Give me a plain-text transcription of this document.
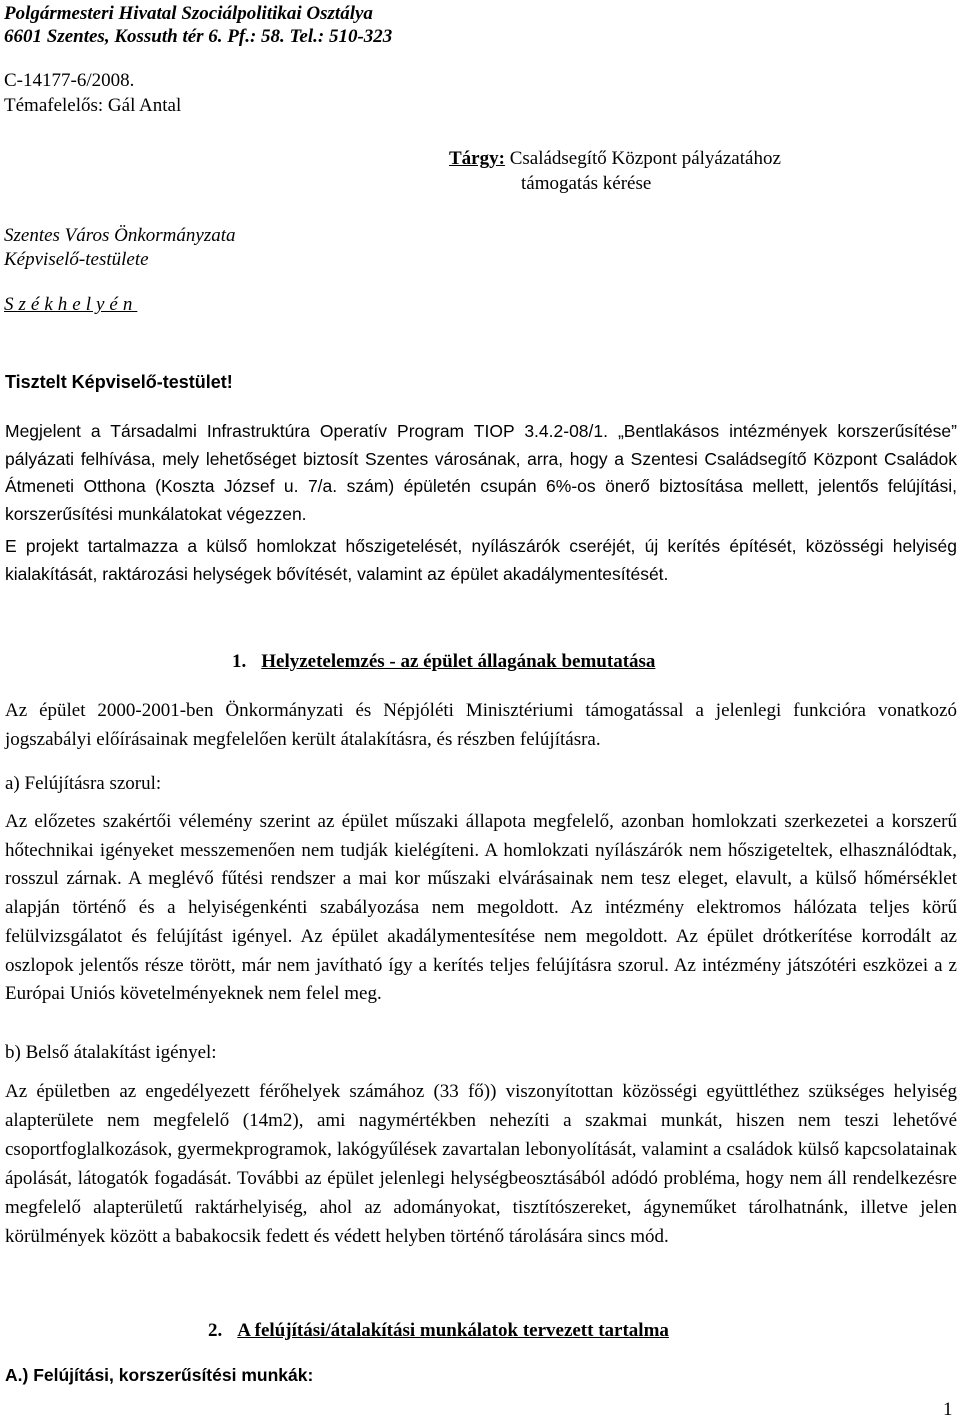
Polgármesteri Hivatal Szociálpolitikai Osztálya
6601 Szentes, Kossuth tér 6. Pf.: 58. Tel.: 510-323
C-14177-6/2008.
Témafelelős: Gál Antal
Tárgy: Családsegítő Központ pályázatához
támogatás kérése
Szentes Város Önkormányzata
Képviselő-testülete
Székhelyén
Tisztelt Képviselő-testület!
Megjelent a Társadalmi Infrastruktúra Operatív Program TIOP 3.4.2-08/1. „Bentlakásos intézmények korszerűsítése” pályázati felhívása, mely lehetőséget biztosít Szentes városának, arra, hogy a Szentesi Családsegítő Központ Családok Átmeneti Otthona (Koszta József u. 7/a. szám) épületén csupán 6%-os önerő biztosítása mellett, jelentős felújítási, korszerűsítési munkálatokat végezzen.
E projekt tartalmazza a külső homlokzat hőszigetelését, nyílászárók cseréjét, új kerítés építését, közösségi helyiség kialakítását, raktározási helységek bővítését, valamint az épület akadálymentesítését.
1. Helyzetelemzés - az épület állagának bemutatása
Az épület 2000-2001-ben Önkormányzati és Népjóléti Minisztériumi támogatással a jelenlegi funkcióra vonatkozó jogszabályi előírásainak megfelelően került átalakításra, és részben felújításra.
a) Felújításra szorul:
Az előzetes szakértői vélemény szerint az épület műszaki állapota megfelelő, azonban homlokzati szerkezetei a korszerű hőtechnikai igényeket messzemenően nem tudják kielégíteni. A homlokzati nyílászárók nem hőszigeteltek, elhasználódtak, rosszul zárnak. A meglévő fűtési rendszer a mai kor műszaki elvárásainak nem tesz eleget, elavult, a külső hőmérséklet alapján történő és a helyiségenkénti szabályozása nem megoldott. Az intézmény elektromos hálózata teljes körű felülvizsgálatot és felújítást igényel. Az épület akadálymentesítése nem megoldott. Az épület drótkerítése korrodált az oszlopok jelentős része törött, már nem javítható így a kerítés teljes felújításra szorul. Az intézmény játszótéri eszközei a z Európai Uniós követelményeknek nem felel meg.
b) Belső átalakítást igényel:
Az épületben az engedélyezett férőhelyek számához (33 fő)) viszonyítottan közösségi együttléthez szükséges helyiség alapterülete nem megfelelő (14m2), ami nagymértékben nehezíti a szakmai munkát, hiszen nem teszi lehetővé csoportfoglalkozások, gyermekprogramok, lakógyűlések zavartalan lebonyolítását, valamint a családok külső kapcsolatainak ápolását, látogatók fogadását. További az épület jelenlegi helységbeosztásából adódó probléma, hogy nem áll rendelkezésre megfelelő alapterületű raktárhelyiség, ahol az adományokat, tisztítószereket, ágyneműket tárolhatnánk, illetve jelen körülmények között a babakocsik fedett és védett helyben történő tárolására sincs mód.
2. A felújítási/átalakítási munkálatok tervezett tartalma
A.) Felújítási, korszerűsítési munkák:
1
